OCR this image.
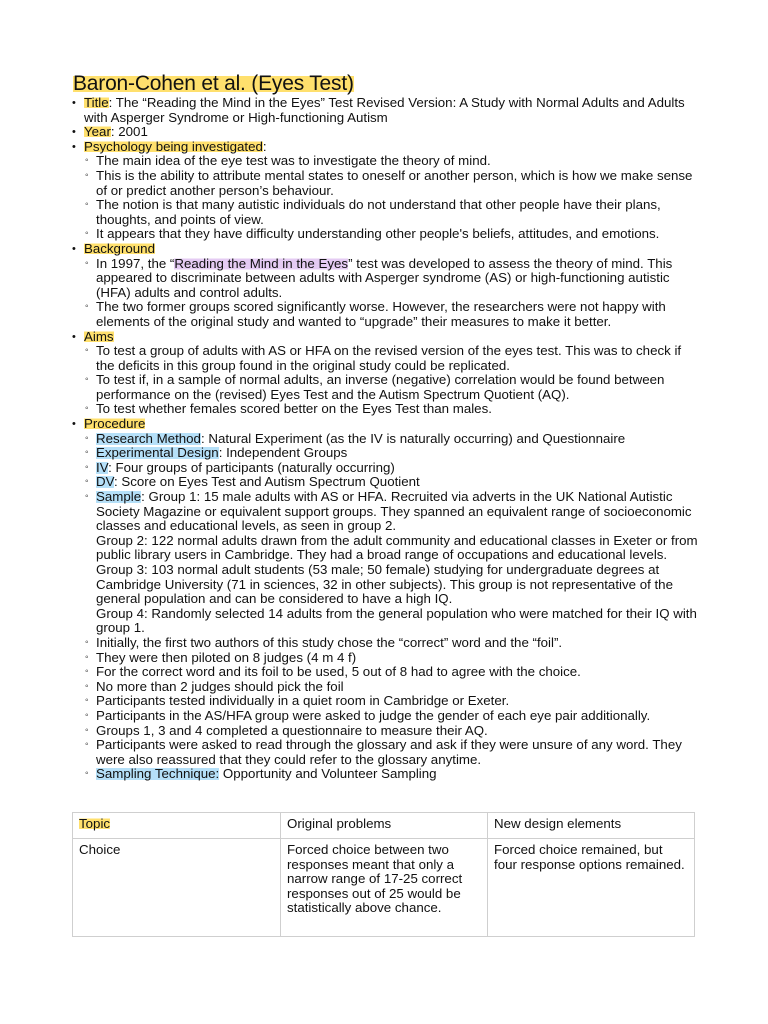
Baron-Cohen et al. (Eyes Test)
• Title: The “Reading the Mind in the Eyes” Test Revised Version: A Study with Normal Adults and Adults with Asperger Syndrome or High-functioning Autism
• Year: 2001
• Psychology being investigated:
◦ The main idea of the eye test was to investigate the theory of mind.
◦ This is the ability to attribute mental states to oneself or another person, which is how we make sense of or predict another person’s behaviour.
◦ The notion is that many autistic individuals do not understand that other people have their plans, thoughts, and points of view.
◦ It appears that they have difficulty understanding other people's beliefs, attitudes, and emotions.
• Background
◦ In 1997, the “Reading the Mind in the Eyes” test was developed to assess the theory of mind. This appeared to discriminate between adults with Asperger syndrome (AS) or high-functioning autistic (HFA) adults and control adults.
◦ The two former groups scored significantly worse. However, the researchers were not happy with elements of the original study and wanted to “upgrade” their measures to make it better.
• Aims
◦ To test a group of adults with AS or HFA on the revised version of the eyes test. This was to check if the deficits in this group found in the original study could be replicated.
◦ To test if, in a sample of normal adults, an inverse (negative) correlation would be found between performance on the (revised) Eyes Test and the Autism Spectrum Quotient (AQ).
◦ To test whether females scored better on the Eyes Test than males.
• Procedure
◦ Research Method: Natural Experiment (as the IV is naturally occurring) and Questionnaire
◦ Experimental Design: Independent Groups
◦ IV: Four groups of participants (naturally occurring)
◦ DV: Score on Eyes Test and Autism Spectrum Quotient
◦ Sample: Group 1: 15 male adults with AS or HFA. Recruited via adverts in the UK National Autistic Society Magazine or equivalent support groups. They spanned an equivalent range of socioeconomic classes and educational levels, as seen in group 2.
Group 2: 122 normal adults drawn from the adult community and educational classes in Exeter or from public library users in Cambridge. They had a broad range of occupations and educational levels.
Group 3: 103 normal adult students (53 male; 50 female) studying for undergraduate degrees at Cambridge University (71 in sciences, 32 in other subjects). This group is not representative of the general population and can be considered to have a high IQ.
Group 4: Randomly selected 14 adults from the general population who were matched for their IQ with group 1.
◦ Initially, the first two authors of this study chose the “correct” word and the “foil”.
◦ They were then piloted on 8 judges (4 m 4 f)
◦ For the correct word and its foil to be used, 5 out of 8 had to agree with the choice.
◦ No more than 2 judges should pick the foil
◦ Participants tested individually in a quiet room in Cambridge or Exeter.
◦ Participants in the AS/HFA group were asked to judge the gender of each eye pair additionally.
◦ Groups 1, 3 and 4 completed a questionnaire to measure their AQ.
◦ Participants were asked to read through the glossary and ask if they were unsure of any word. They were also reassured that they could refer to the glossary anytime.
◦ Sampling Technique: Opportunity and Volunteer Sampling
Topic	Original problems	New design elements
Choice	Forced choice between two responses meant that only a narrow range of 17-25 correct responses out of 25 would be statistically above chance.	Forced choice remained, but four response options remained.
